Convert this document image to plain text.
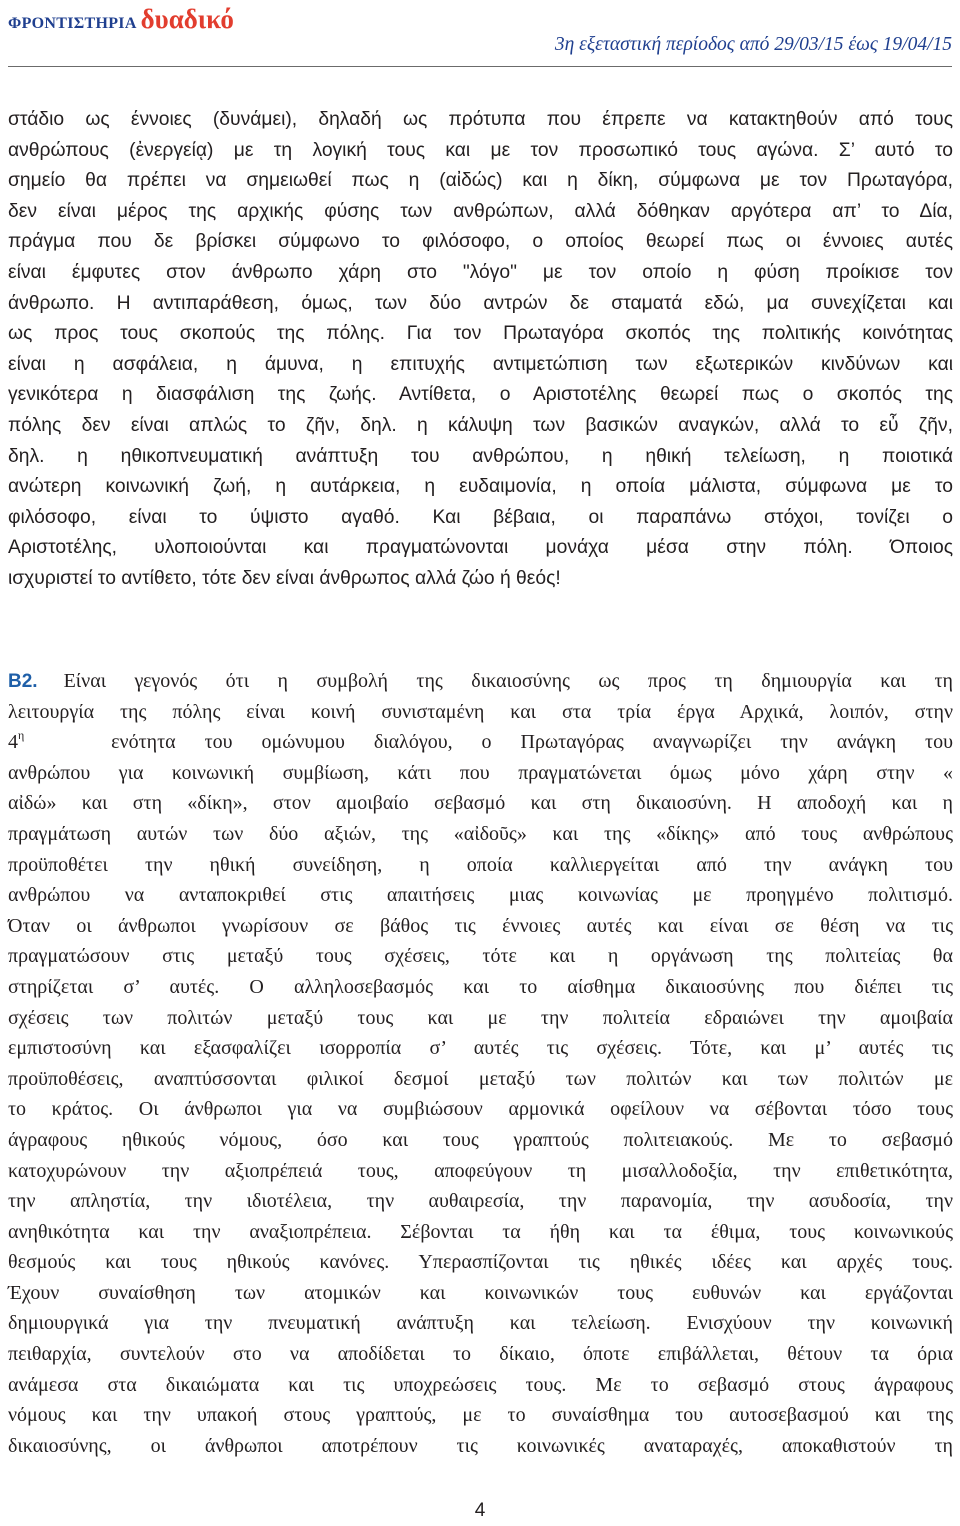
ΦΡΟΝΤΙΣΤΗΡΙΑ δυαδικό
3η εξεταστική περίοδος από 29/03/15 έως 19/04/15
στάδιο ως έννοιες (δυνάμει), δηλαδή ως πρότυπα που έπρεπε να κατακτηθούν από τους
ανθρώπους (ἐνεργείᾳ) με τη λογική τους και με τον προσωπικό τους αγώνα. Σ’ αυτό το
σημείο θα πρέπει να σημειωθεί πως η (αἰδώς) και η δίκη, σύμφωνα με τον Πρωταγόρα,
δεν είναι μέρος της αρχικής φύσης των ανθρώπων, αλλά δόθηκαν αργότερα απ’ το Δία,
πράγμα που δε βρίσκει σύμφωνο το φιλόσοφο, ο οποίος θεωρεί πως οι έννοιες αυτές
είναι έμφυτες στον άνθρωπο χάρη στο "λόγο" με τον οποίο η φύση προίκισε τον
άνθρωπο. Η αντιπαράθεση, όμως, των δύο αντρών δε σταματά εδώ, μα συνεχίζεται και
ως προς τους σκοπούς της πόλης. Για τον Πρωταγόρα σκοπός της πολιτικής κοινότητας
είναι η ασφάλεια, η άμυνα, η επιτυχής αντιμετώπιση των εξωτερικών κινδύνων και
γενικότερα η διασφάλιση της ζωής. Αντίθετα, ο Αριστοτέλης θεωρεί πως ο σκοπός της
πόλης δεν είναι απλώς το ζῆν, δηλ. η κάλυψη των βασικών αναγκών, αλλά το εὖ ζῆν,
δηλ. η ηθικοπνευματική ανάπτυξη του ανθρώπου, η ηθική τελείωση, η ποιοτικά
ανώτερη κοινωνική ζωή, η αυτάρκεια, η ευδαιμονία, η οποία μάλιστα, σύμφωνα με το
φιλόσοφο, είναι το ύψιστο αγαθό. Και βέβαια, οι παραπάνω στόχοι, τονίζει ο
Αριστοτέλης, υλοποιούνται και πραγματώνονται μονάχα μέσα στην πόλη. Όποιος
ισχυριστεί το αντίθετο, τότε δεν είναι άνθρωπος αλλά ζώο ή θεός!
Β2. Είναι γεγονός ότι η συμβολή της δικαιοσύνης ως προς τη δημιουργία και τη
λειτουργία της πόλης είναι κοινή συνισταμένη και στα τρία έργα Αρχικά, λοιπόν, στην
$4^\eta$	ενότητα του ομώνυμου διαλόγου, ο Πρωταγόρας αναγνωρίζει την ανάγκη του
ανθρώπου για κοινωνική συμβίωση, κάτι που πραγματώνεται όμως μόνο χάρη στην «
αἰδώ» και στη «δίκη», στον αμοιβαίο σεβασμό και στη δικαιοσύνη. Η αποδοχή και η
πραγμάτωση αυτών των δύο αξιών, της «αἰδοῦς» και της «δίκης» από τους ανθρώπους
προϋποθέτει την ηθική συνείδηση, η οποία καλλιεργείται από την ανάγκη του
ανθρώπου να ανταποκριθεί στις απαιτήσεις μιας κοινωνίας με προηγμένο πολιτισμό.
Όταν οι άνθρωποι γνωρίσουν σε βάθος τις έννοιες αυτές και είναι σε θέση να τις
πραγματώσουν στις μεταξύ τους σχέσεις, τότε και η οργάνωση της πολιτείας θα
στηρίζεται σ’ αυτές. Ο αλληλοσεβασμός και το αίσθημα δικαιοσύνης που διέπει τις
σχέσεις των πολιτών μεταξύ τους και με την πολιτεία εδραιώνει την αμοιβαία
εμπιστοσύνη και εξασφαλίζει ισορροπία σ’ αυτές τις σχέσεις. Τότε, και μ’ αυτές τις
προϋποθέσεις, αναπτύσσονται φιλικοί δεσμοί μεταξύ των πολιτών και των πολιτών με
το κράτος. Οι άνθρωποι για να συμβιώσουν αρμονικά οφείλουν να σέβονται τόσο τους
άγραφους ηθικούς νόμους, όσο και τους γραπτούς πολιτειακούς. Με το σεβασμό
κατοχυρώνουν την αξιοπρέπειά τους, αποφεύγουν τη μισαλλοδοξία, την επιθετικότητα,
την απληστία, την ιδιοτέλεια, την αυθαιρεσία, την παρανομία, την ασυδοσία, την
ανηθικότητα και την αναξιοπρέπεια. Σέβονται τα ήθη και τα έθιμα, τους κοινωνικούς
θεσμούς και τους ηθικούς κανόνες. Υπερασπίζονται τις ηθικές ιδέες και αρχές τους.
Έχουν συναίσθηση των ατομικών και κοινωνικών τους ευθυνών και εργάζονται
δημιουργικά για την πνευματική ανάπτυξη και τελείωση. Ενισχύουν την κοινωνική
πειθαρχία, συντελούν στο να αποδίδεται το δίκαιο, όποτε επιβάλλεται, θέτουν τα όρια
ανάμεσα στα δικαιώματα και τις υποχρεώσεις τους. Με το σεβασμό στους άγραφους
νόμους και την υπακοή στους γραπτούς, με το συναίσθημα του αυτοσεβασμού και της
δικαιοσύνης, οι άνθρωποι αποτρέπουν τις κοινωνικές αναταραχές, αποκαθιστούν τη
4
